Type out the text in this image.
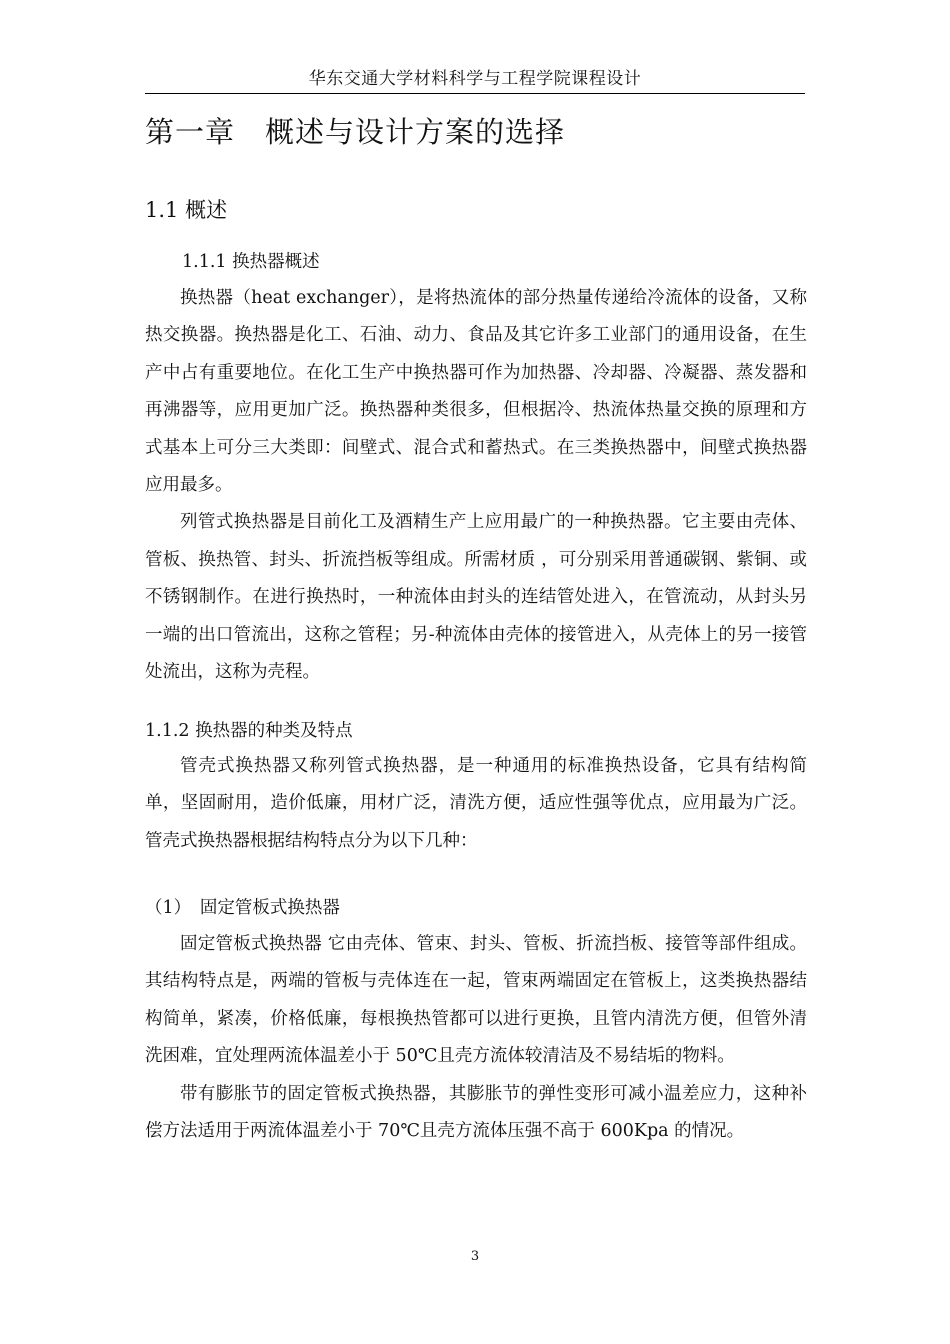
华东交通大学材料科学与工程学院课程设计
第一章　概述与设计方案的选择
1.1 概述
1.1.1 换热器概述

换热器（heat exchanger），是将热流体的部分热量传递给冷流体的设备，又称热交换器。换热器是化工、石油、动力、食品及其它许多工业部门的通用设备，在生产中占有重要地位。在化工生产中换热器可作为加热器、冷却器、冷凝器、蒸发器和再沸器等，应用更加广泛。换热器种类很多，但根据冷、热流体热量交换的原理和方式基本上可分三大类即：间壁式、混合式和蓄热式。在三类换热器中，间壁式换热器应用最多。

列管式换热器是目前化工及酒精生产上应用最广的一种换热器。它主要由壳体、管板、换热管、封头、折流挡板等组成。所需材质 ，可分别采用普通碳钢、紫铜、或不锈钢制作。在进行换热时，一种流体由封头的连结管处进入，在管流动，从封头另一端的出口管流出，这称之管程；另-种流体由壳体的接管进入，从壳体上的另一接管处流出，这称为壳程。

1.1.2 换热器的种类及特点

管壳式换热器又称列管式换热器，是一种通用的标准换热设备，它具有结构简单，坚固耐用，造价低廉，用材广泛，清洗方便，适应性强等优点，应用最为广泛。管壳式换热器根据结构特点分为以下几种：

（1）　固定管板式换热器

固定管板式换热器 它由壳体、管束、封头、管板、折流挡板、接管等部件组成。其结构特点是，两端的管板与壳体连在一起，管束两端固定在管板上，这类换热器结构简单，紧凑，价格低廉，每根换热管都可以进行更换，且管内清洗方便，但管外清洗困难，宜处理两流体温差小于 50℃且壳方流体较清洁及不易结垢的物料。

带有膨胀节的固定管板式换热器，其膨胀节的弹性变形可减小温差应力，这种补偿方法适用于两流体温差小于 70℃且壳方流体压强不高于 600Kpa 的情况。

3
